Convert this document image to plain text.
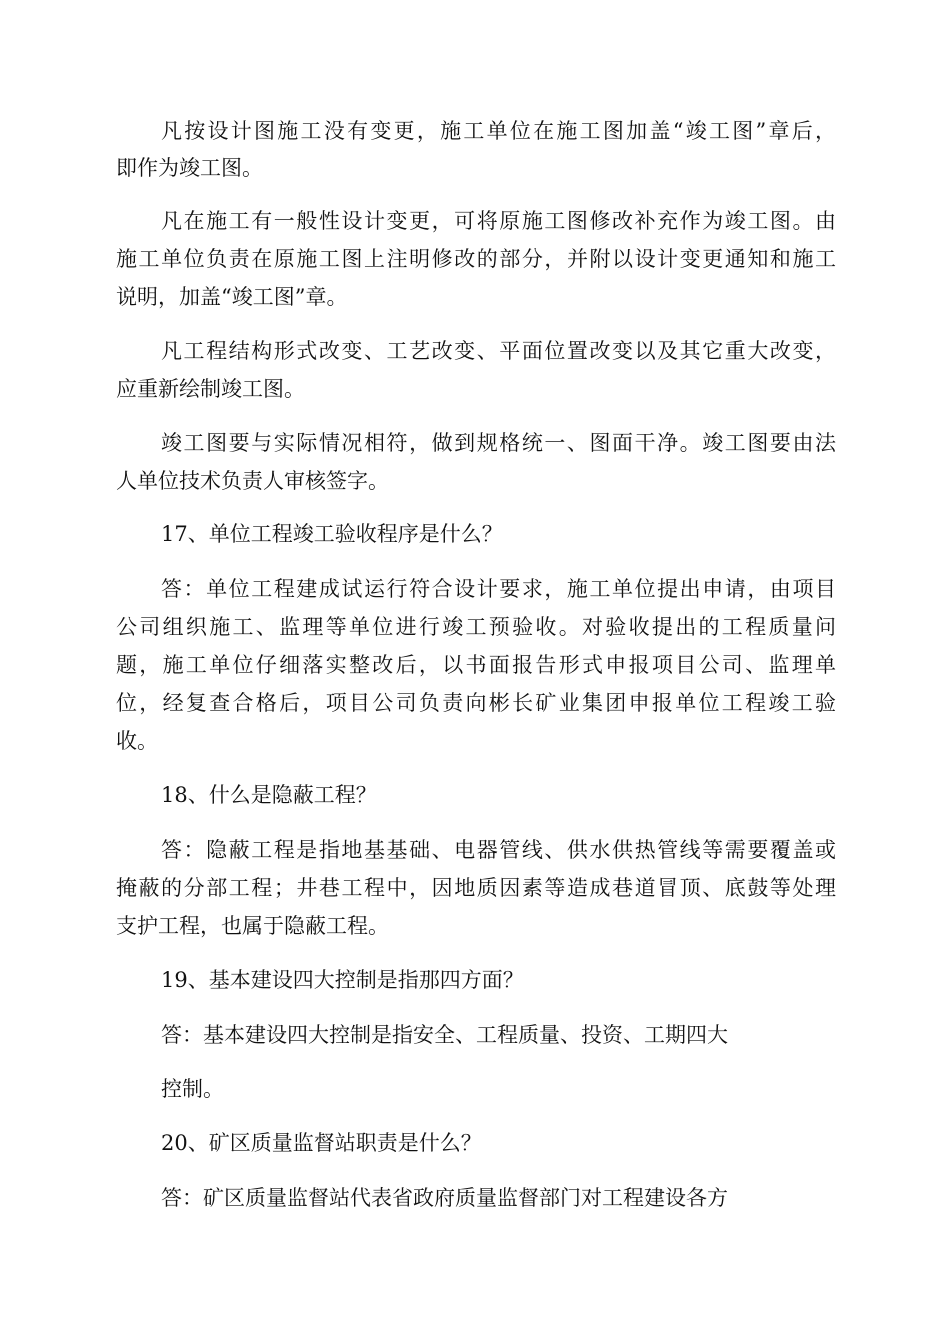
凡按设计图施工没有变更，施工单位在施工图加盖“竣工图”章后，
即作为竣工图。
凡在施工有一般性设计变更，可将原施工图修改补充作为竣工图。由
施工单位负责在原施工图上注明修改的部分，并附以设计变更通知和施工
说明，加盖“竣工图”章。
凡工程结构形式改变、工艺改变、平面位置改变以及其它重大改变，
应重新绘制竣工图。
竣工图要与实际情况相符，做到规格统一、图面干净。竣工图要由法
人单位技术负责人审核签字。
17、单位工程竣工验收程序是什么？
答：单位工程建成试运行符合设计要求，施工单位提出申请，由项目
公司组织施工、监理等单位进行竣工预验收。对验收提出的工程质量问
题，施工单位仔细落实整改后，以书面报告形式申报项目公司、监理单
位，经复查合格后，项目公司负责向彬长矿业集团申报单位工程竣工验
收。
18、什么是隐蔽工程？
答：隐蔽工程是指地基基础、电器管线、供水供热管线等需要覆盖或
掩蔽的分部工程；井巷工程中，因地质因素等造成巷道冒顶、底鼓等处理
支护工程，也属于隐蔽工程。
19、基本建设四大控制是指那四方面？
答：基本建设四大控制是指安全、工程质量、投资、工期四大
控制。
20、矿区质量监督站职责是什么？
答：矿区质量监督站代表省政府质量监督部门对工程建设各方
